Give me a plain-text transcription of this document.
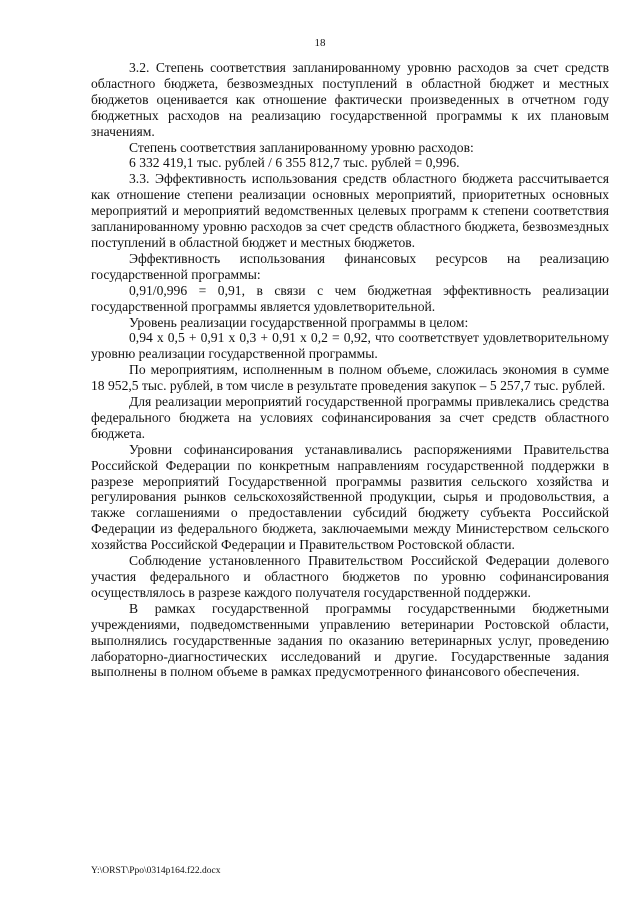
18

3.2. Степень соответствия запланированному уровню расходов за счет средств областного бюджета, безвозмездных поступлений в областной бюджет и местных бюджетов оценивается как отношение фактически произведенных в отчетном году бюджетных расходов на реализацию государственной программы к их плановым значениям.

Степень соответствия запланированному уровню расходов:

6 332 419,1 тыс. рублей / 6 355 812,7 тыс. рублей = 0,996.

3.3. Эффективность использования средств областного бюджета рассчитывается как отношение степени реализации основных мероприятий, приоритетных основных мероприятий и мероприятий ведомственных целевых программ к степени соответствия запланированному уровню расходов за счет средств областного бюджета, безвозмездных поступлений в областной бюджет и местных бюджетов.

Эффективность использования финансовых ресурсов на реализацию государственной программы:

0,91/0,996 = 0,91, в связи с чем бюджетная эффективность реализации государственной программы является удовлетворительной.

Уровень реализации государственной программы в целом:

0,94 x 0,5 + 0,91 x 0,3 + 0,91 x 0,2 = 0,92, что соответствует удовлетворительному уровню реализации государственной программы.

По мероприятиям, исполненным в полном объеме, сложилась экономия в сумме 18 952,5 тыс. рублей, в том числе в результате проведения закупок – 5 257,7 тыс. рублей.

Для реализации мероприятий государственной программы привлекались средства федерального бюджета на условиях софинансирования за счет средств областного бюджета.

Уровни софинансирования устанавливались распоряжениями Правительства Российской Федерации по конкретным направлениям государственной поддержки в разрезе мероприятий Государственной программы развития сельского хозяйства и регулирования рынков сельскохозяйственной продукции, сырья и продовольствия, а также соглашениями о предоставлении субсидий бюджету субъекта Российской Федерации из федерального бюджета, заключаемыми между Министерством сельского хозяйства Российской Федерации и Правительством Ростовской области.

Соблюдение установленного Правительством Российской Федерации долевого участия федерального и областного бюджетов по уровню софинансирования осуществлялось в разрезе каждого получателя государственной поддержки.

В рамках государственной программы государственными бюджетными учреждениями, подведомственными управлению ветеринарии Ростовской области, выполнялись государственные задания по оказанию ветеринарных услуг, проведению лабораторно-диагностических исследований и другие. Государственные задания выполнены в полном объеме в рамках предусмотренного финансового обеспечения.

Y:\ORST\Ppo\0314p164.f22.docx
